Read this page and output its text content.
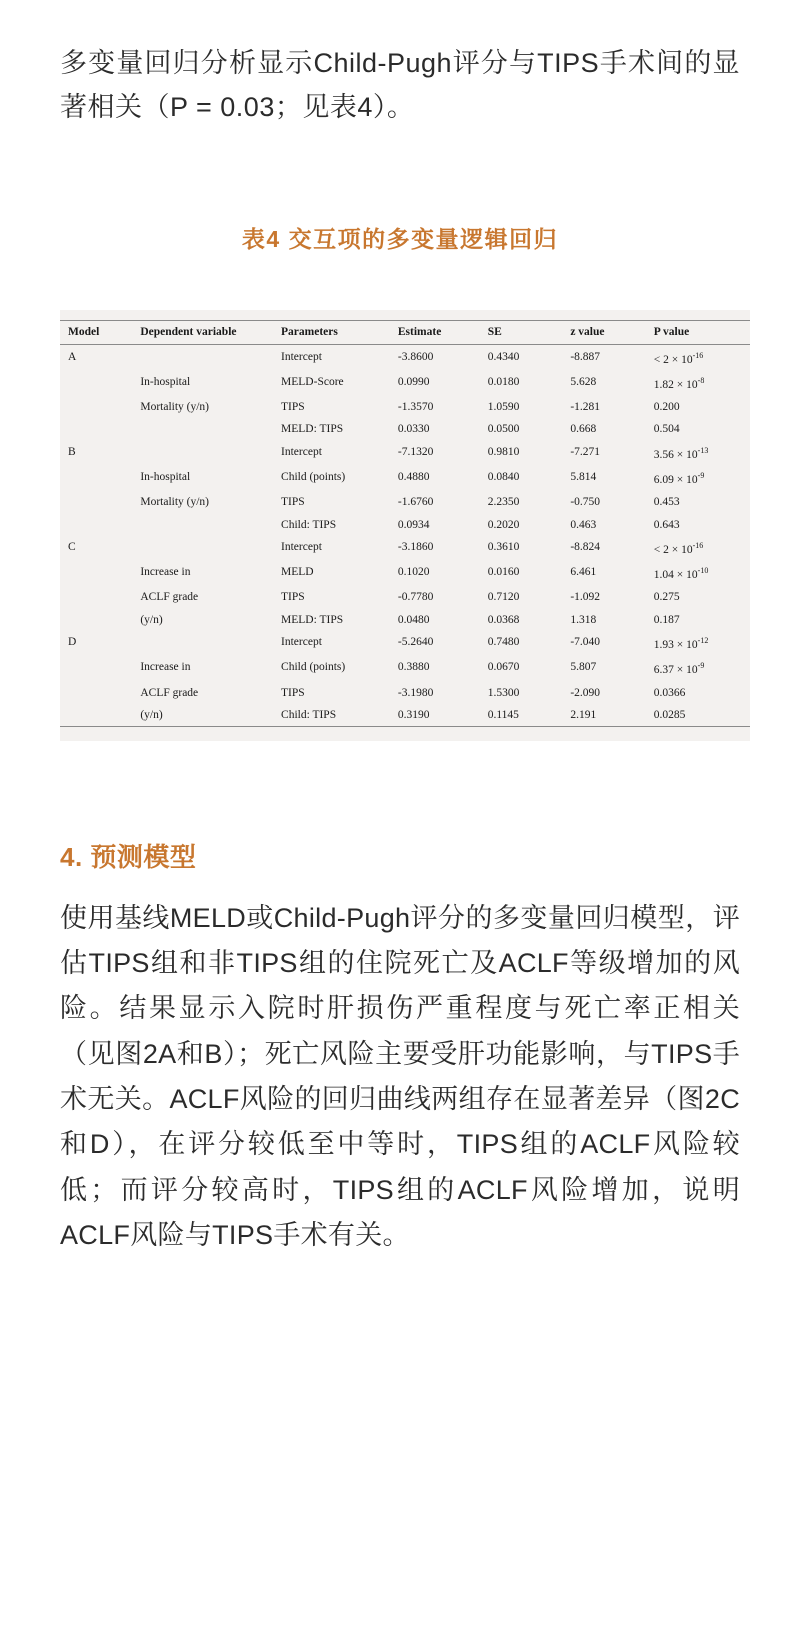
多变量回归分析显示Child-Pugh评分与TIPS手术间的显著相关（P = 0.03；见表4）。

表4 交互项的多变量逻辑回归
Model	Dependent variable	Parameters	Estimate	SE	z value	P value
A		Intercept	-3.8600	0.4340	-8.887	< $2 \times 10^{-16}$
	In-hospital	MELD-Score	0.0990	0.0180	5.628	$1.82 \times 10^{-8}$
	Mortality (y/n)	TIPS	-1.3570	1.0590	-1.281	0.200
		MELD: TIPS	0.0330	0.0500	0.668	0.504
B		Intercept	-7.1320	0.9810	-7.271	$3.56 \times 10^{-13}$
	In-hospital	Child (points)	0.4880	0.0840	5.814	$6.09 \times 10^{-9}$
	Mortality (y/n)	TIPS	-1.6760	2.2350	-0.750	0.453
		Child: TIPS	0.0934	0.2020	0.463	0.643
C		Intercept	-3.1860	0.3610	-8.824	< $2 \times 10^{-16}$
	Increase in	MELD	0.1020	0.0160	6.461	$1.04 \times 10^{-10}$
	ACLF grade	TIPS	-0.7780	0.7120	-1.092	0.275
	(y/n)	MELD: TIPS	0.0480	0.0368	1.318	0.187
D		Intercept	-5.2640	0.7480	-7.040	$1.93 \times 10^{-12}$
	Increase in	Child (points)	0.3880	0.0670	5.807	$6.37 \times 10^{-9}$
	ACLF grade	TIPS	-3.1980	1.5300	-2.090	0.0366
	(y/n)	Child: TIPS	0.3190	0.1145	2.191	0.0285
4. 预测模型

使用基线MELD或Child-Pugh评分的多变量回归模型，评估TIPS组和非TIPS组的住院死亡及ACLF等级增加的风险。结果显示入院时肝损伤严重程度与死亡率正相关（见图2A和B）；死亡风险主要受肝功能影响，与TIPS手术无关。ACLF风险的回归曲线两组存在显著差异（图2C和D），在评分较低至中等时，TIPS组的ACLF风险较低；而评分较高时，TIPS组的ACLF风险增加，说明ACLF风险与TIPS手术有关。
